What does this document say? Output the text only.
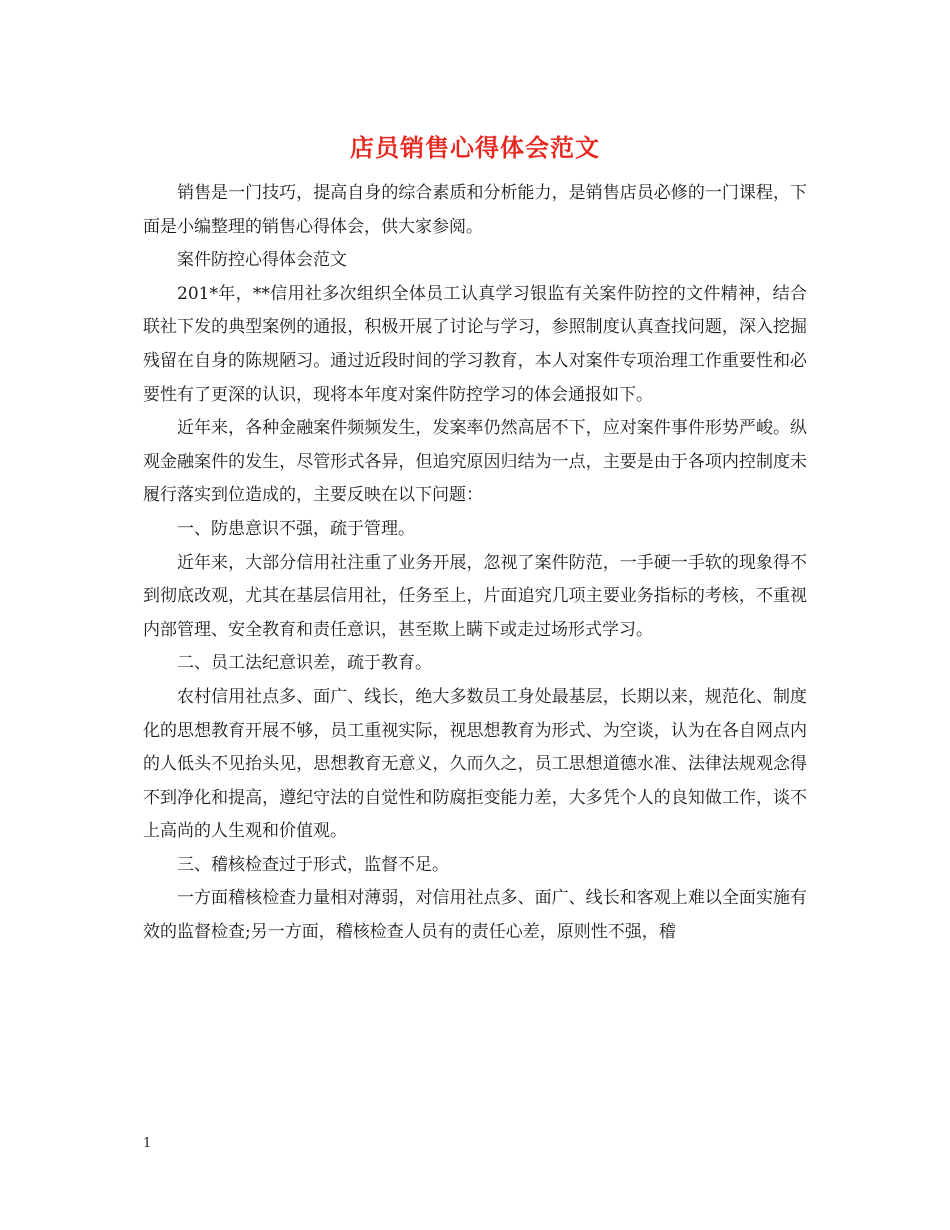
店员销售心得体会范文

销售是一门技巧，提高自身的综合素质和分析能力，是销售店员必修的一门课程，下面是小编整理的销售心得体会，供大家参阅。

案件防控心得体会范文

201*年，**信用社多次组织全体员工认真学习银监有关案件防控的文件精神，结合联社下发的典型案例的通报，积极开展了讨论与学习，参照制度认真查找问题，深入挖掘残留在自身的陈规陋习。通过近段时间的学习教育，本人对案件专项治理工作重要性和必要性有了更深的认识，现将本年度对案件防控学习的体会通报如下。

近年来，各种金融案件频频发生，发案率仍然高居不下，应对案件事件形势严峻。纵观金融案件的发生，尽管形式各异，但追究原因归结为一点，主要是由于各项内控制度未履行落实到位造成的，主要反映在以下问题：

一、防患意识不强，疏于管理。

近年来，大部分信用社注重了业务开展，忽视了案件防范，一手硬一手软的现象得不到彻底改观，尤其在基层信用社，任务至上，片面追究几项主要业务指标的考核，不重视内部管理、安全教育和责任意识，甚至欺上瞒下或走过场形式学习。

二、员工法纪意识差，疏于教育。

农村信用社点多、面广、线长，绝大多数员工身处最基层，长期以来，规范化、制度化的思想教育开展不够，员工重视实际，视思想教育为形式、为空谈，认为在各自网点内的人低头不见抬头见，思想教育无意义，久而久之，员工思想道德水准、法律法规观念得不到净化和提高，遵纪守法的自觉性和防腐拒变能力差，大多凭个人的良知做工作，谈不上高尚的人生观和价值观。

三、稽核检查过于形式，监督不足。

一方面稽核检查力量相对薄弱，对信用社点多、面广、线长和客观上难以全面实施有效的监督检查;另一方面，稽核检查人员有的责任心差，原则性不强，稽

1
